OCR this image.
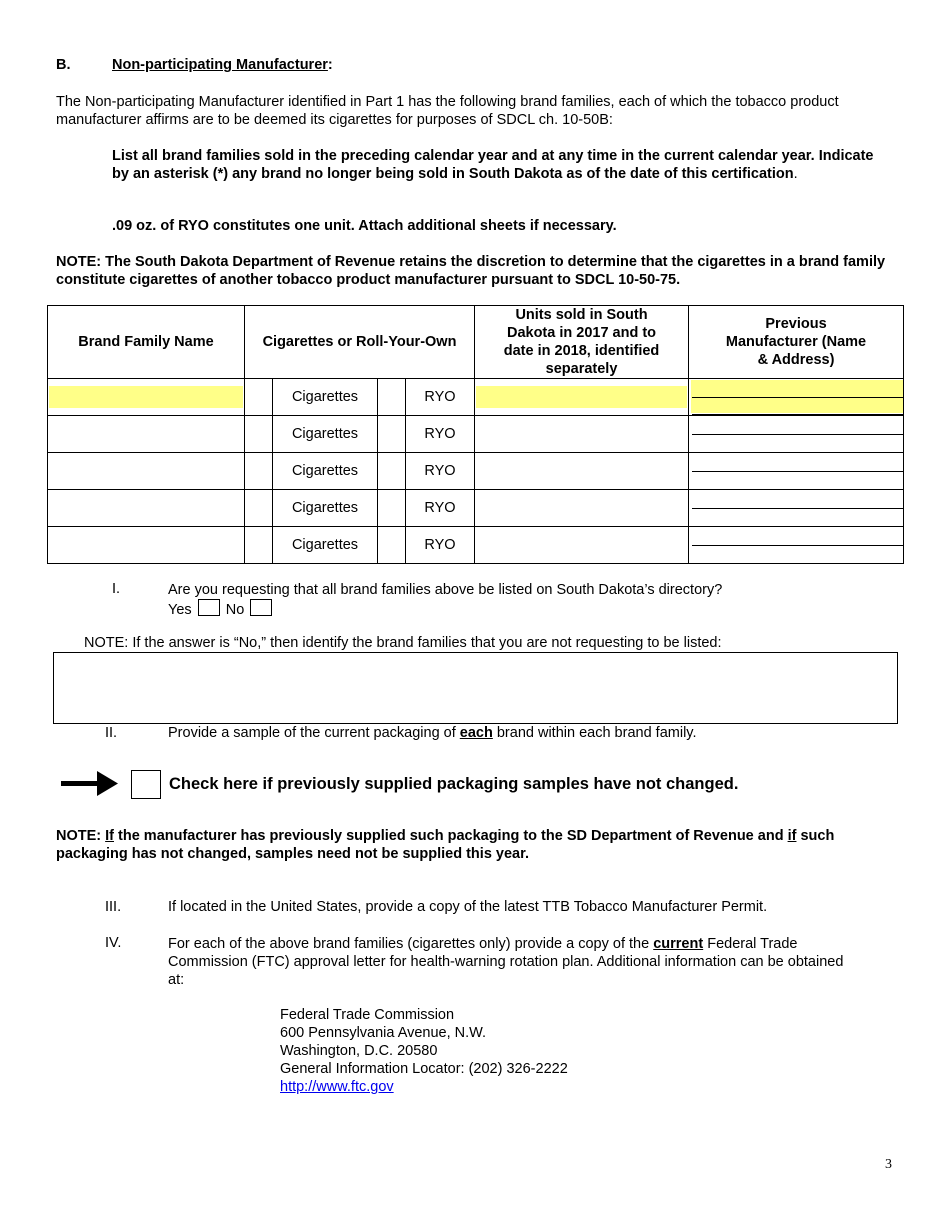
B.	Non-participating Manufacturer:

The Non-participating Manufacturer identified in Part 1 has the following brand families, each of which the tobacco product manufacturer affirms are to be deemed its cigarettes for purposes of SDCL ch. 10-50B:

List all brand families sold in the preceding calendar year and at any time in the current calendar year. Indicate by an asterisk (*) any brand no longer being sold in South Dakota as of the date of this certification.

.09 oz. of RYO constitutes one unit. Attach additional sheets if necessary.

NOTE: The South Dakota Department of Revenue retains the discretion to determine that the cigarettes in a brand family constitute cigarettes of another tobacco product manufacturer pursuant to SDCL 10-50-75.

Brand Family Name	Cigarettes or Roll-Your-Own				Units sold in South Dakota in 2017 and to date in 2018, identified separately	Previous Manufacturer (Name & Address)

		Cigarettes		RYO	

		Cigarettes		RYO		

		Cigarettes		RYO		

		Cigarettes		RYO		

		Cigarettes		RYO		
I.	Are you requesting that all brand families above be listed on South Dakota’s directory?
Yes No
NOTE: If the answer is “No,” then identify the brand families that you are not requesting to be listed:
II.	Provide a sample of the current packaging of each brand within each brand family.
Check here if previously supplied packaging samples have not changed.

NOTE: If the manufacturer has previously supplied such packaging to the SD Department of Revenue and if such packaging has not changed, samples need not be supplied this year.

III.	If located in the United States, provide a copy of the latest TTB Tobacco Manufacturer Permit.
IV.	For each of the above brand families (cigarettes only) provide a copy of the current Federal Trade Commission (FTC) approval letter for health-warning rotation plan. Additional information can be obtained at:

Federal Trade Commission
600 Pennsylvania Avenue, N.W.
Washington, D.C. 20580
General Information Locator: (202) 326-2222
http://www.ftc.gov
3
